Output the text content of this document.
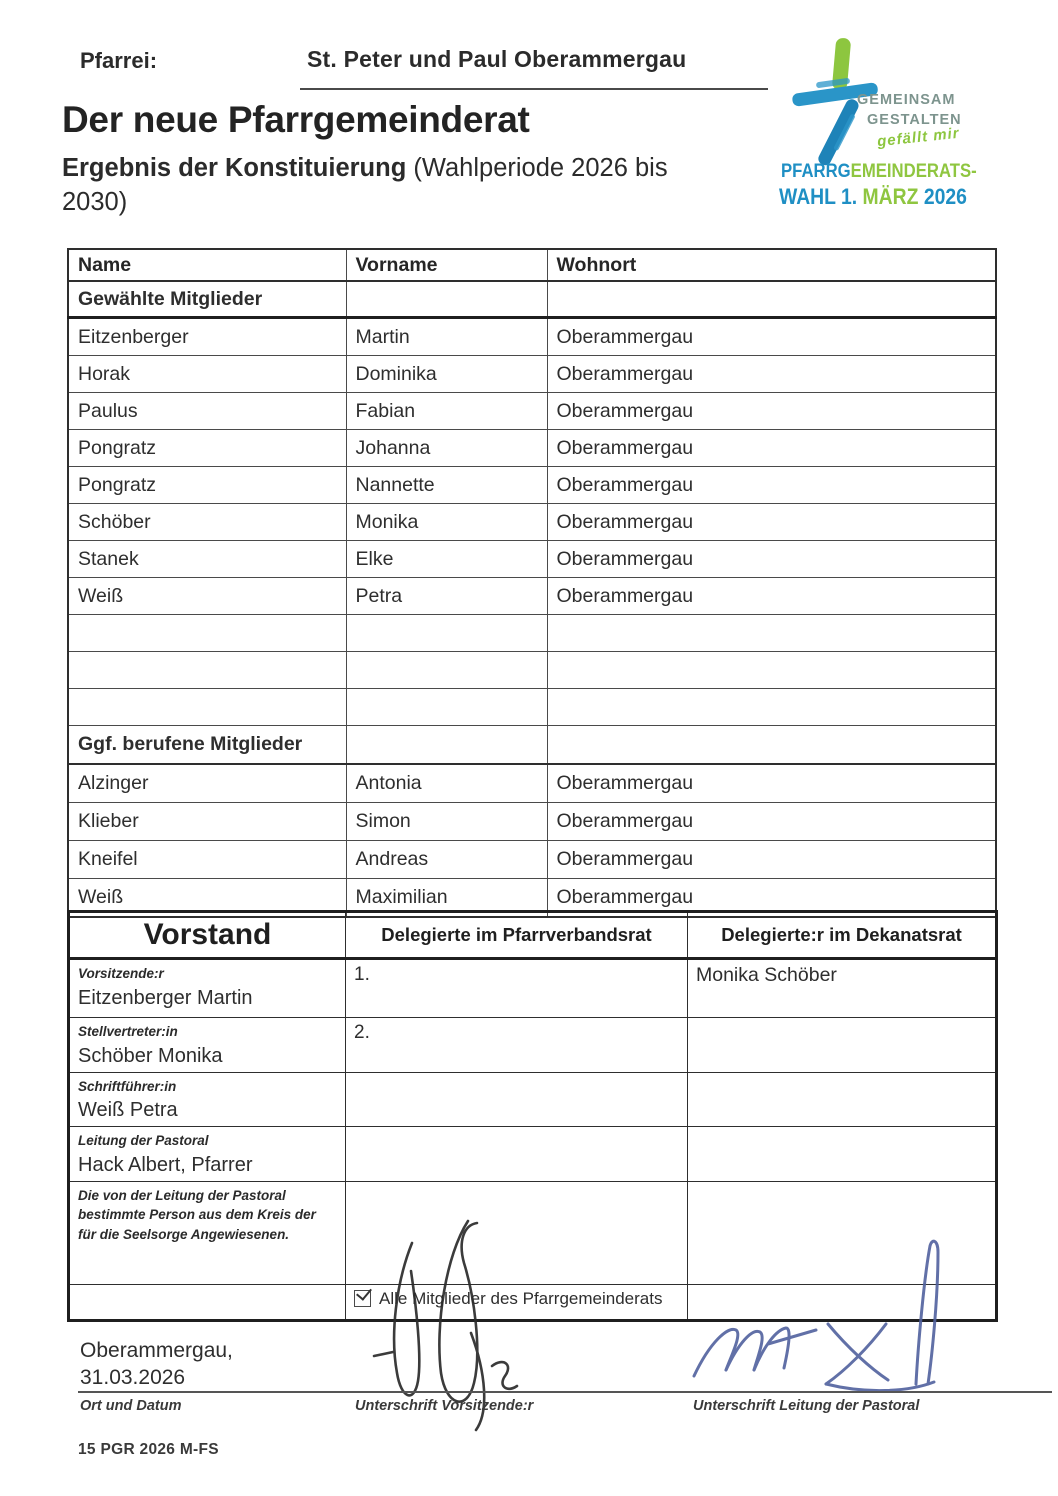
Pfarrei:	St. Peter und Paul Oberammergau
GEMEINSAM
GESTALTEN
gefällt mir
PFARRGEMEINDERATS-
WAHL 1. MÄRZ 2026
Der neue Pfarrgemeinderat
Ergebnis der Konstituierung (Wahlperiode 2026 bis
2030)
Name	Vorname	Wohnort
Gewählte Mitglieder		
Eitzenberger	Martin	Oberammergau
Horak	Dominika	Oberammergau
Paulus	Fabian	Oberammergau
Pongratz	Johanna	Oberammergau
Pongratz	Nannette	Oberammergau
Schöber	Monika	Oberammergau
Stanek	Elke	Oberammergau
Weiß	Petra	Oberammergau

Ggf. berufene Mitglieder		
Alzinger	Antonia	Oberammergau
Klieber	Simon	Oberammergau
Kneifel	Andreas	Oberammergau
Weiß	Maximilian	Oberammergau
Vorstand	Delegierte im Pfarrverbandsrat	Delegierte:r im Dekanatsrat

Vorsitzende:r
Eitzenberger Martin	1.	Monika Schöber

Stellvertreter:in
Schöber Monika	2.	

Schriftführer:in
Weiß Petra		

Leitung der Pastoral
Hack Albert, Pfarrer		

Die von der Leitung der Pastoral bestimmte Person aus dem Kreis der für die Seelsorge Angewiesenen.		

	Alle Mitglieder des Pfarrgemeinderats	

Oberammergau,
31.03.2026
Ort und Datum	Unterschrift Vorsitzende:r	Unterschrift Leitung der Pastoral
15 PGR 2026 M-FS
